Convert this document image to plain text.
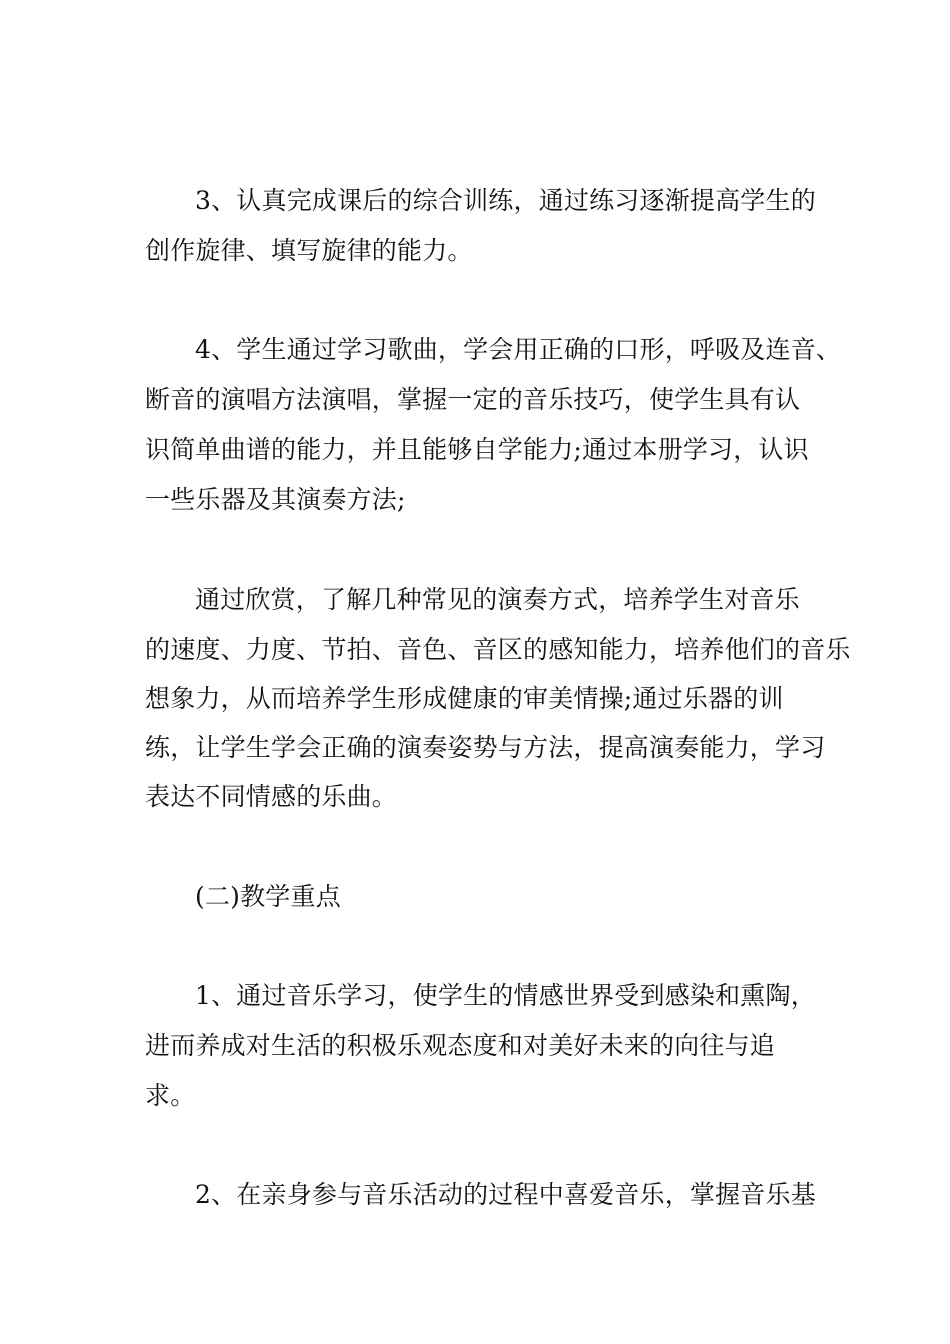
3、认真完成课后的综合训练，通过练习逐渐提高学生的
创作旋律、填写旋律的能力。
4、学生通过学习歌曲，学会用正确的口形，呼吸及连音、
断音的演唱方法演唱，掌握一定的音乐技巧，使学生具有认
识简单曲谱的能力，并且能够自学能力;通过本册学习，认识
一些乐器及其演奏方法;
通过欣赏，了解几种常见的演奏方式，培养学生对音乐
的速度、力度、节拍、音色、音区的感知能力，培养他们的音乐
想象力，从而培养学生形成健康的审美情操;通过乐器的训
练，让学生学会正确的演奏姿势与方法，提高演奏能力，学习
表达不同情感的乐曲。
(二)教学重点
1、通过音乐学习，使学生的情感世界受到感染和熏陶，
进而养成对生活的积极乐观态度和对美好未来的向往与追
求。
2、在亲身参与音乐活动的过程中喜爱音乐，掌握音乐基
